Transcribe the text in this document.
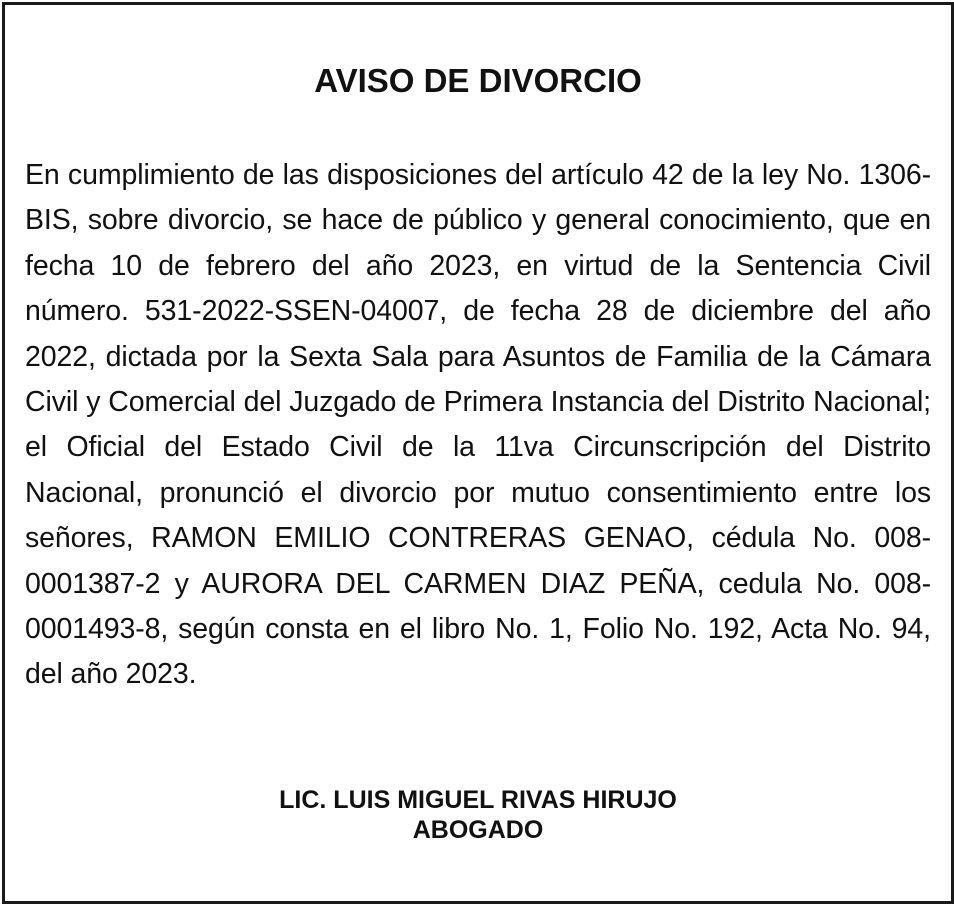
AVISO DE DIVORCIO

En cumplimiento de las disposiciones del artículo 42 de la ley No. 1306-BIS, sobre divorcio, se hace de público y general conocimiento, que en fecha 10 de febrero del año 2023, en virtud de la Sentencia Civil número. 531-2022-SSEN-04007, de fecha 28 de diciembre del año 2022, dictada por la Sexta Sala para Asuntos de Familia de la Cámara Civil y Comercial del Juzgado de Primera Instancia del Distrito Nacional; el Oficial del Estado Civil de la 11va Circunscripción del Distrito Nacional, pronunció el divorcio por mutuo consentimiento entre los señores, RAMON EMILIO CONTRERAS GENAO, cédula No. 008-0001387-2 y AURORA DEL CARMEN DIAZ PEÑA, cedula No. 008-0001493-8, según consta en el libro No. 1, Folio No. 192, Acta No. 94, del año 2023.

LIC. LUIS MIGUEL RIVAS HIRUJO
ABOGADO
